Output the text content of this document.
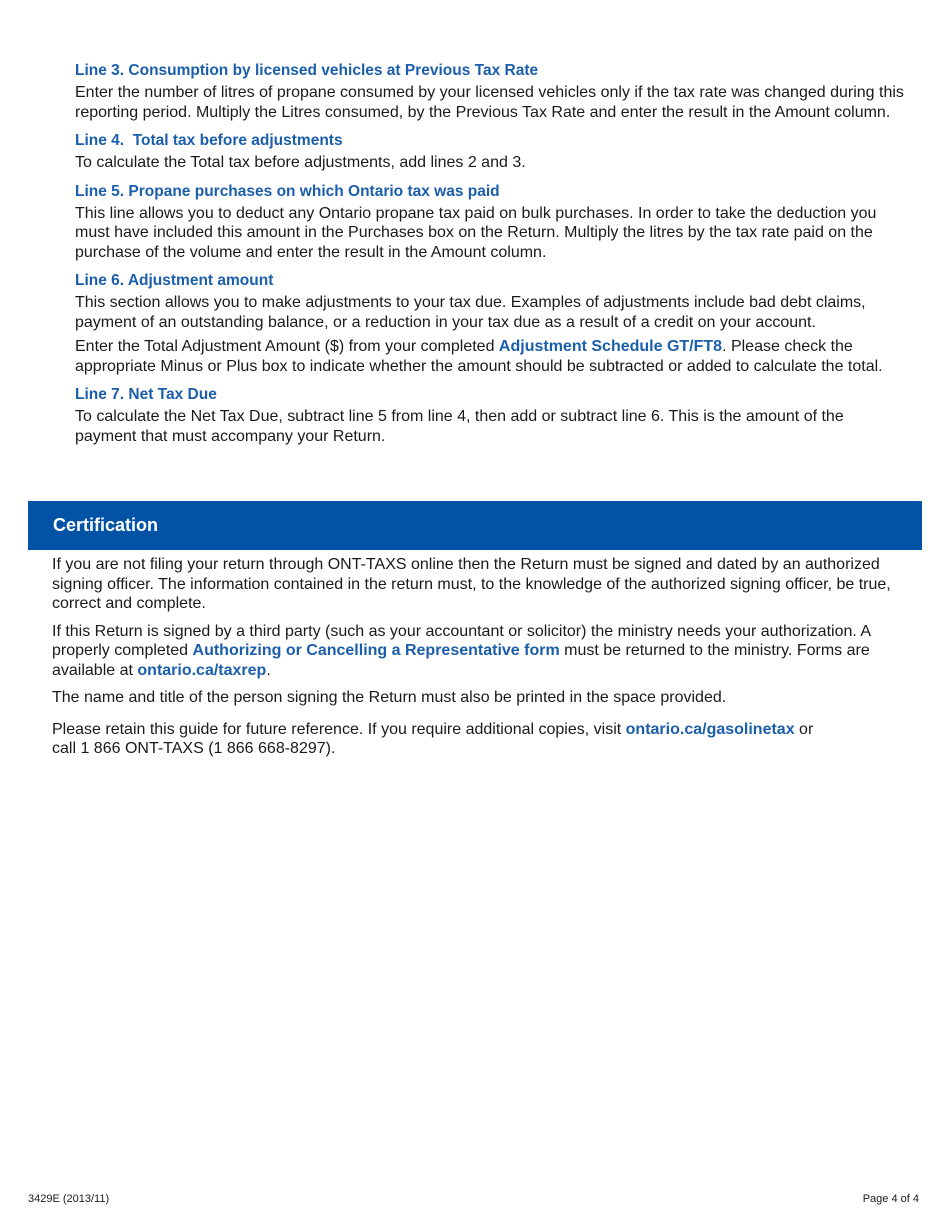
Line 3. Consumption by licensed vehicles at Previous Tax Rate
Enter the number of litres of propane consumed by your licensed vehicles only if the tax rate was changed during this reporting period. Multiply the Litres consumed, by the Previous Tax Rate and enter the result in the Amount column.
Line 4.  Total tax before adjustments
To calculate the Total tax before adjustments, add lines 2 and 3.
Line 5. Propane purchases on which Ontario tax was paid
This line allows you to deduct any Ontario propane tax paid on bulk purchases. In order to take the deduction you must have included this amount in the Purchases box on the Return. Multiply the litres by the tax rate paid on the purchase of the volume and enter the result in the Amount column.
Line 6. Adjustment amount
This section allows you to make adjustments to your tax due. Examples of adjustments include bad debt claims, payment of an outstanding balance, or a reduction in your tax due as a result of a credit on your account.
Enter the Total Adjustment Amount ($) from your completed Adjustment Schedule GT/FT8. Please check the appropriate Minus or Plus box to indicate whether the amount should be subtracted or added to calculate the total.
Line 7. Net Tax Due
To calculate the Net Tax Due, subtract line 5 from line 4, then add or subtract line 6. This is the amount of the payment that must accompany your Return.
Certification
If you are not filing your return through ONT-TAXS online then the Return must be signed and dated by an authorized signing officer. The information contained in the return must, to the knowledge of the authorized signing officer, be true, correct and complete.
If this Return is signed by a third party (such as your accountant or solicitor) the ministry needs your authorization. A properly completed Authorizing or Cancelling a Representative form must be returned to the ministry. Forms are available at ontario.ca/taxrep.
The name and title of the person signing the Return must also be printed in the space provided.
Please retain this guide for future reference. If you require additional copies, visit ontario.ca/gasolinetax or
call 1 866 ONT-TAXS (1 866 668-8297).
3429E (2013/11)	Page 4 of 4
